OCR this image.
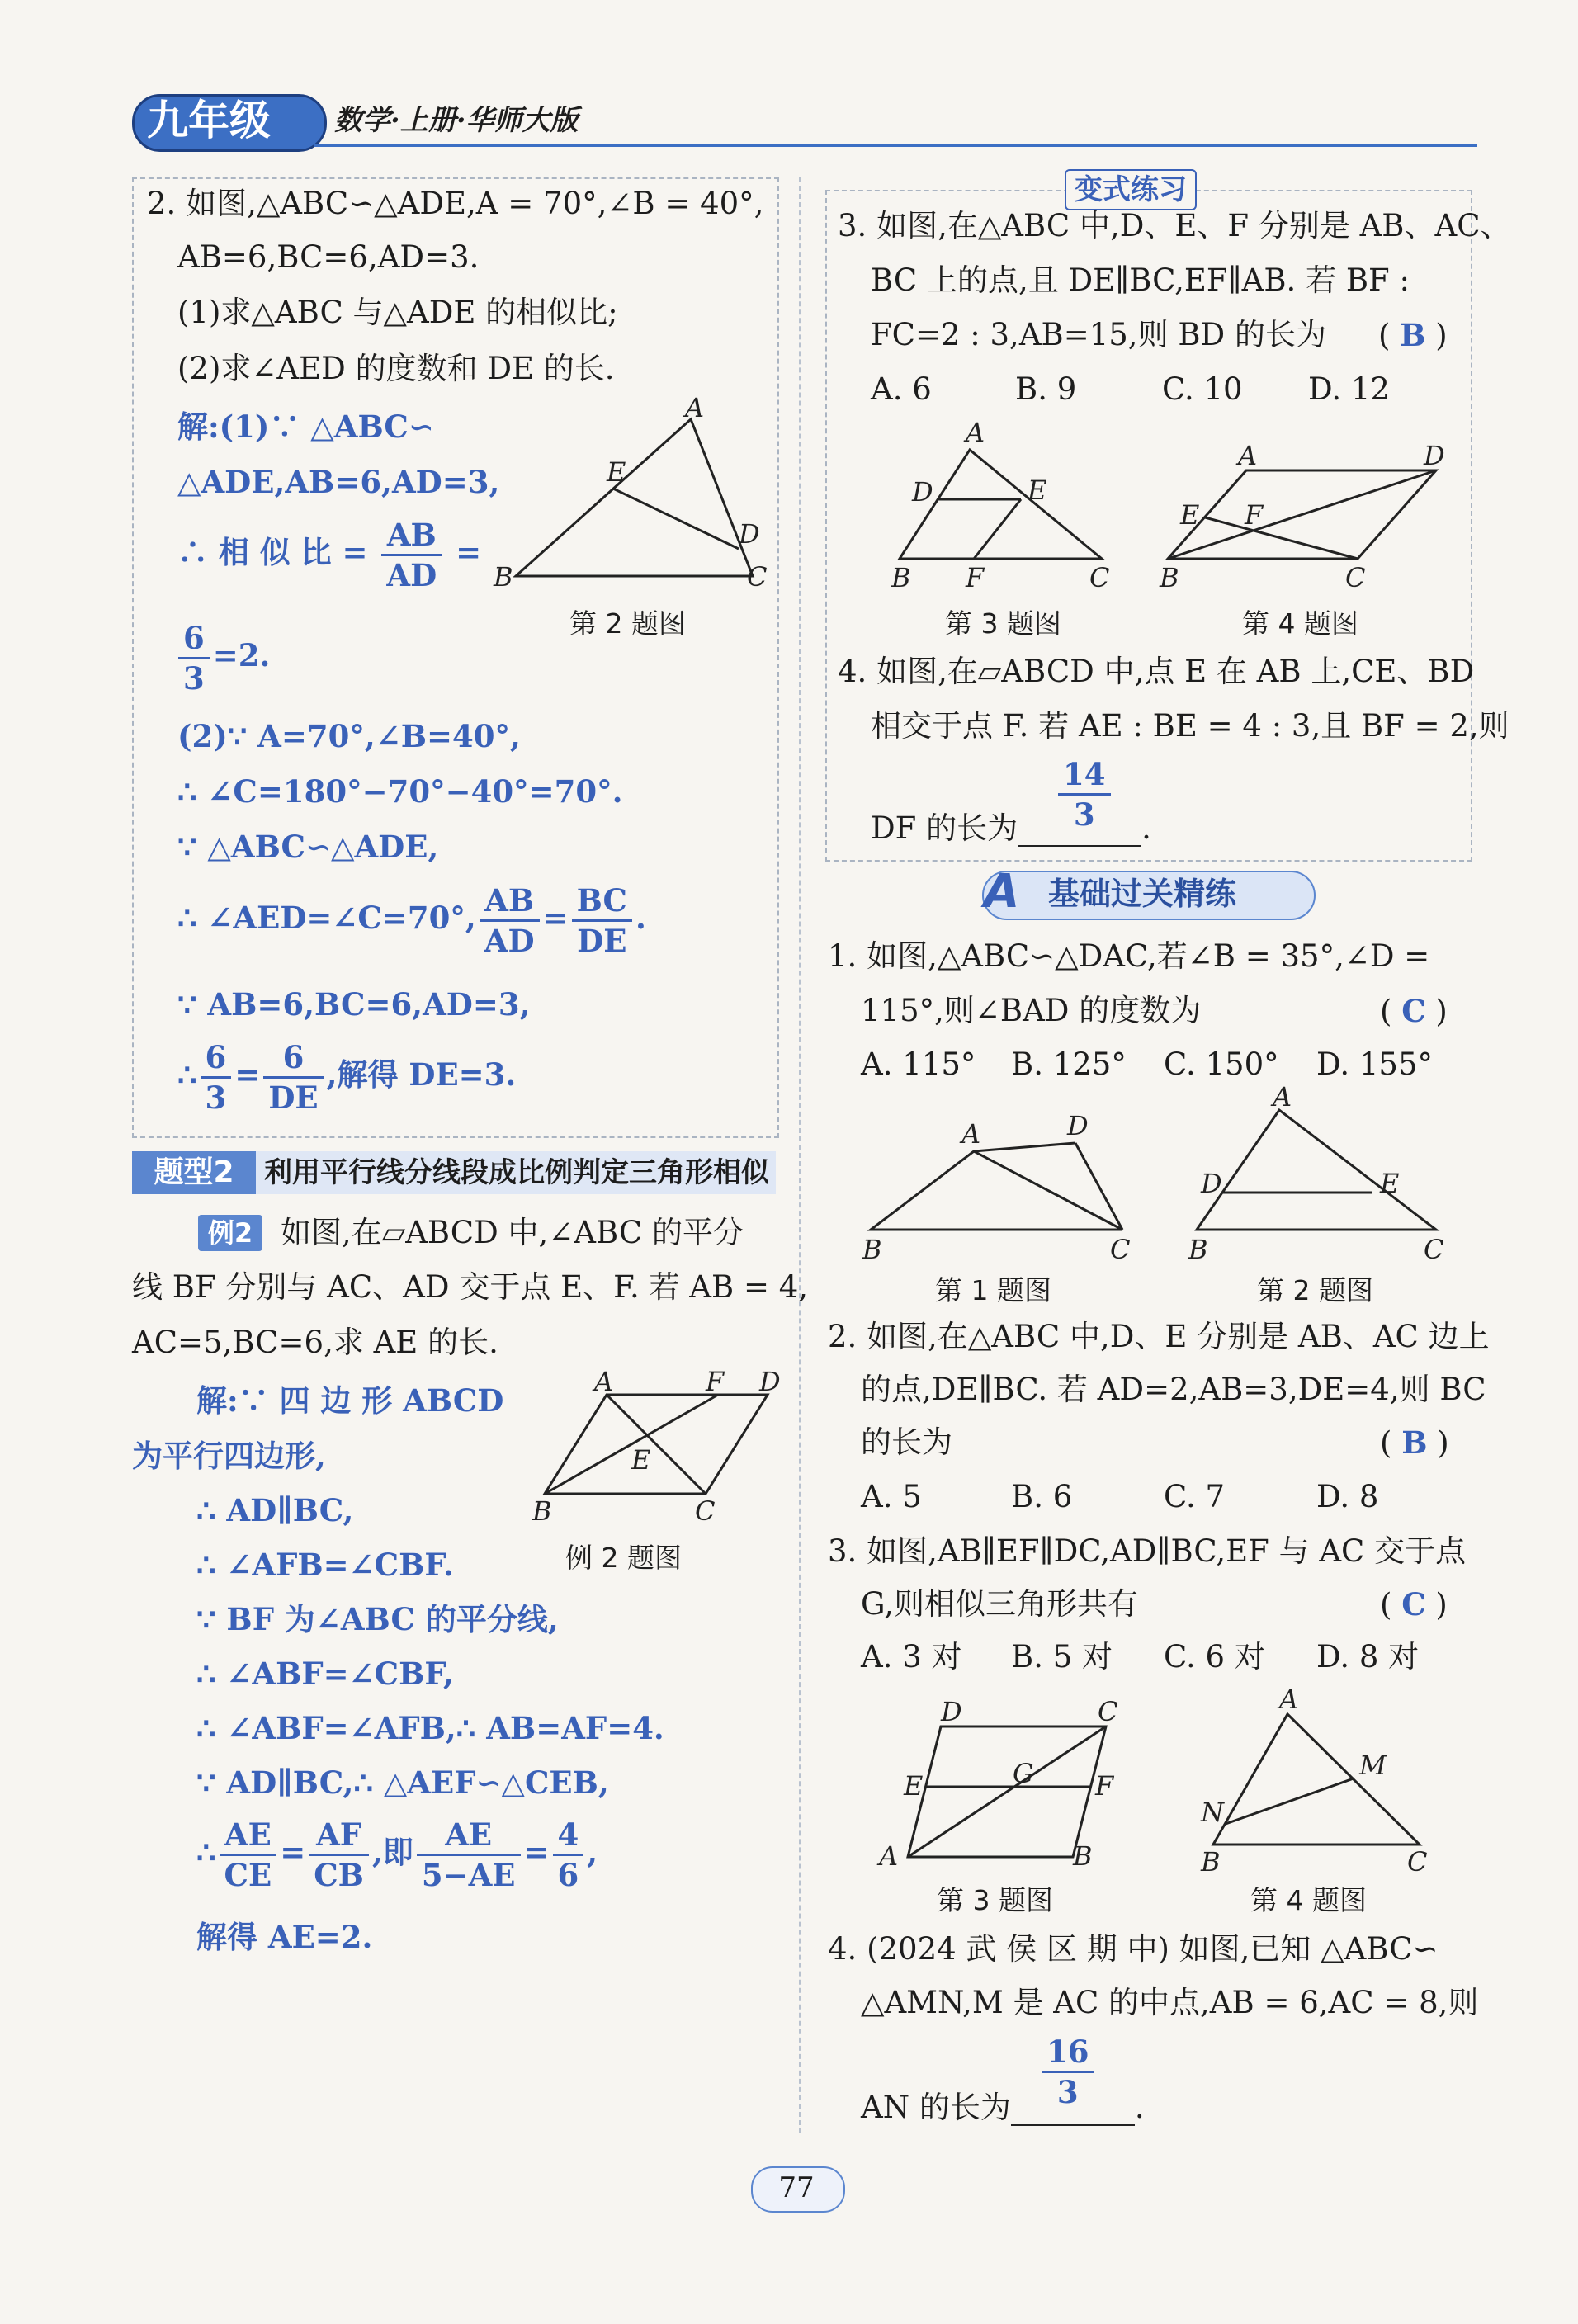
九年级 数学·上册·华师大版
2. 如图,△ABC∽△ADE,A = 70°,∠B = 40°,
AB=6,BC=6,AD=3.
(1)求△ABC 与△ADE 的相似比;
(2)求∠AED 的度数和 DE 的长.
解:(1)∵ △ABC∽
△ADE,AB=6,AD=3,
∴ 相 似 比 = $\frac{AB}{AD}$ =
$\frac{6}{3} =2$.
(2)∵ A=70°,∠B=40°,
∴ ∠C=180°−70°−40°=70°.
∵ △ABC∽△ADE,
∴ ∠AED=∠C=70°, $\frac{AB}{AD} = \frac{BC}{DE}$ .
∵ AB=6,BC=6,AD=3,
∴ $\frac{6}{3} = \frac{6}{DE}$ ,解得 DE=3.
A
E
D
B	C
第 2 题图
题型2	利用平行线分线段成比例判定三角形相似
例2 如图,在▱ABCD 中,∠ABC 的平分
线 BF 分别与 AC、AD 交于点 E、F. 若 AB = 4,
AC=5,BC=6,求 AE 的长.
解:∵ 四 边 形 ABCD
为平行四边形,
∴ AD∥BC,
∴ ∠AFB=∠CBF.
∵ BF 为∠ABC 的平分线,
∴ ∠ABF=∠CBF,
∴ ∠ABF=∠AFB,∴ AB=AF=4.
∵ AD∥BC,∴ △AEF∽△CEB,
∴ $\frac{AE}{CE} = \frac{AF}{CB}$ ,即 $\frac{AE}{5-AE} = \frac{4}{6}$ ,
解得 AE=2.
A	F D
E
B	C
例 2 题图
变式练习
3. 如图,在△ABC 中,D、E、F 分别是 AB、AC、
BC 上的点,且 DE∥BC,EF∥AB. 若 BF :
FC=2 : 3,AB=15,则 BD 的长为 ( B )
A. 6	B. 9	C. 10 D. 12
A
D	E
B F	C
第 3 题图
A	D
E F
B	C
第 4 题图
4. 如图,在▱ABCD 中,点 E 在 AB 上,CE、BD
相交于点 F. 若 AE : BE = 4 : 3,且 BF = 2,则
DF 的长为	.
$\frac{14}{3}$
A 基础过关精练
1. 如图,△ABC∽△DAC,若∠B = 35°,∠D =
115°,则∠BAD 的度数为	( C )
A. 115° B. 125° C. 150° D. 155°
A	D
B	C
第 1 题图
A
D	E
B	C
第 2 题图
2. 如图,在△ABC 中,D、E 分别是 AB、AC 边上
的点,DE∥BC. 若 AD=2,AB=3,DE=4,则 BC
的长为	( B )
A. 5	B. 6	C. 7	D. 8
3. 如图,AB∥EF∥DC,AD∥BC,EF 与 AC 交于点
G,则相似三角形共有	( C )
A. 3 对 B. 5 对 C. 6 对 D. 8 对
D	C
E	G F
A	B
第 3 题图
A
M
N
B	C
第 4 题图
4. (2024 武 侯 区 期 中) 如图,已知 △ABC∽
△AMN,M 是 AC 的中点,AB = 6,AC = 8,则
AN 的长为	.
$\frac{16}{3}$
77
